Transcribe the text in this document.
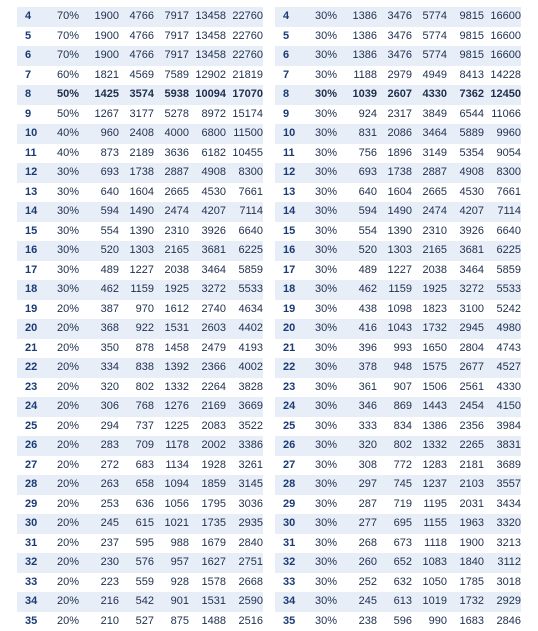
4	70%	1900	4766	7917	13458	22760
5	70%	1900	4766	7917	13458	22760
6	70%	1900	4766	7917	13458	22760
7	60%	1821	4569	7589	12902	21819
8	50%	1425	3574	5938	10094	17070
9	50%	1267	3177	5278	8972	15174
10	40%	960	2408	4000	6800	11500
11	40%	873	2189	3636	6182	10455
12	30%	693	1738	2887	4908	8300
13	30%	640	1604	2665	4530	7661
14	30%	594	1490	2474	4207	7114
15	30%	554	1390	2310	3926	6640
16	30%	520	1303	2165	3681	6225
17	30%	489	1227	2038	3464	5859
18	30%	462	1159	1925	3272	5533
19	20%	387	970	1612	2740	4634
20	20%	368	922	1531	2603	4402
21	20%	350	878	1458	2479	4193
22	20%	334	838	1392	2366	4002
23	20%	320	802	1332	2264	3828
24	20%	306	768	1276	2169	3669
25	20%	294	737	1225	2083	3522
26	20%	283	709	1178	2002	3386
27	20%	272	683	1134	1928	3261
28	20%	263	658	1094	1859	3145
29	20%	253	636	1056	1795	3036
30	20%	245	615	1021	1735	2935
31	20%	237	595	988	1679	2840
32	20%	230	576	957	1627	2751
33	20%	223	559	928	1578	2668
34	20%	216	542	901	1531	2590
35	20%	210	527	875	1488	2516
4	30%	1386	3476	5774	9815	16600
5	30%	1386	3476	5774	9815	16600
6	30%	1386	3476	5774	9815	16600
7	30%	1188	2979	4949	8413	14228
8	30%	1039	2607	4330	7362	12450
9	30%	924	2317	3849	6544	11066
10	30%	831	2086	3464	5889	9960
11	30%	756	1896	3149	5354	9054
12	30%	693	1738	2887	4908	8300
13	30%	640	1604	2665	4530	7661
14	30%	594	1490	2474	4207	7114
15	30%	554	1390	2310	3926	6640
16	30%	520	1303	2165	3681	6225
17	30%	489	1227	2038	3464	5859
18	30%	462	1159	1925	3272	5533
19	30%	438	1098	1823	3100	5242
20	30%	416	1043	1732	2945	4980
21	30%	396	993	1650	2804	4743
22	30%	378	948	1575	2677	4527
23	30%	361	907	1506	2561	4330
24	30%	346	869	1443	2454	4150
25	30%	333	834	1386	2356	3984
26	30%	320	802	1332	2265	3831
27	30%	308	772	1283	2181	3689
28	30%	297	745	1237	2103	3557
29	30%	287	719	1195	2031	3434
30	30%	277	695	1155	1963	3320
31	30%	268	673	1118	1900	3213
32	30%	260	652	1083	1840	3112
33	30%	252	632	1050	1785	3018
34	30%	245	613	1019	1732	2929
35	30%	238	596	990	1683	2846
